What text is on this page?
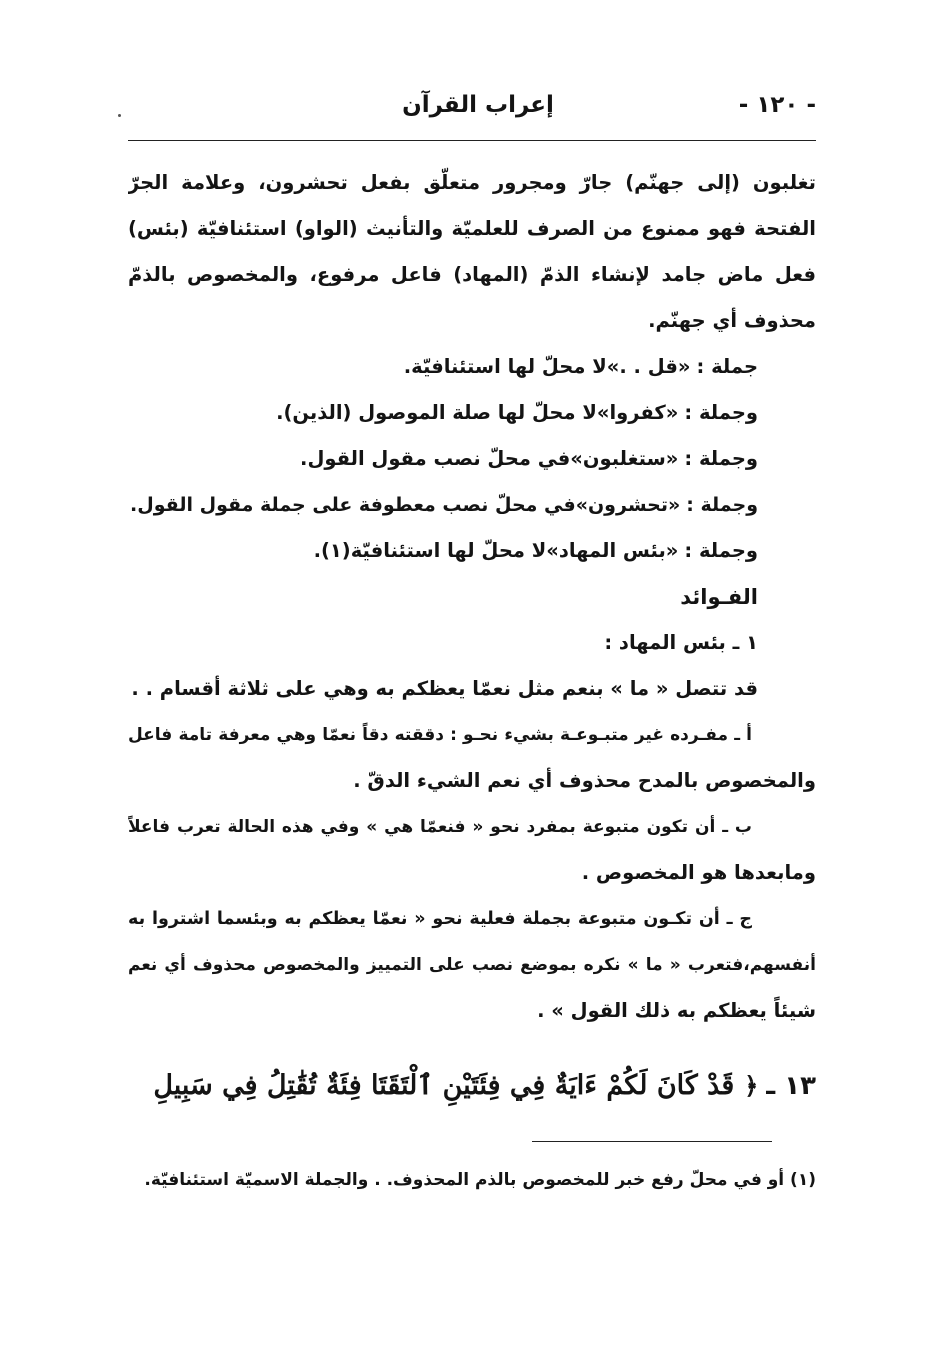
- ١٢٠ -
إعراب القرآن
تغلبون (إلى جهنّم) جارّ ومجرور متعلّق بفعل تحشرون، وعلامة الجرّ
الفتحة فهو ممنوع من الصرف للعلميّة والتأنيث (الواو) استئنافيّة (بئس)
فعل ماض جامد لإنشاء الذمّ (المهاد) فاعل مرفوع، والمخصوص بالذمّ
محذوف أي جهنّم.
جملة :«قل . .»لا محلّ لها استئنافيّة.
وجملة :«كفروا»لا محلّ لها صلة الموصول (الذين).
وجملة :«ستغلبون»في محلّ نصب مقول القول.
وجملة :«تحشرون»في محلّ نصب معطوفة على جملة مقول القول.
وجملة :«بئس المهاد»لا محلّ لها استئنافيّة(١).
الفـوائد
١ ـ بئس المهاد :
قد تتصل « ما » بنعم مثل نعمّا يعظكم به وهي على ثلاثة أقسام . .
أ ـ مفـرده غير متبـوعـة بشيء نحـو : دققته دقاً نعمّا وهي معرفة تامة فاعل
والمخصوص بالمدح محذوف أي نعم الشيء الدقّ .
ب ـ أن تكون متبوعة بمفرد نحو « فنعمّا هي » وفي هذه الحالة تعرب فاعلاً
ومابعدها هو المخصوص .
ج ـ أن تكـون متبوعة بجملة فعلية نحو « نعمّا يعظكم به وبئسما اشتروا به
أنفسهم،فتعرب « ما » نكره بموضع نصب على التمييز والمخصوص محذوف أي نعم
شيئاً يعظكم به ذلك القول » .
١٣ ـ﴿قَدْ كَانَ لَكُمْ ءَايَةٌ فِي فِئَتَيْنِ ٱلْتَقَتَا فِئَةٌ تُقَٰتِلُ فِي سَبِيلِ
(١) أو في محلّ رفع خبر للمخصوص بالذم المحذوف. . والجملة الاسميّة استئنافيّة.
